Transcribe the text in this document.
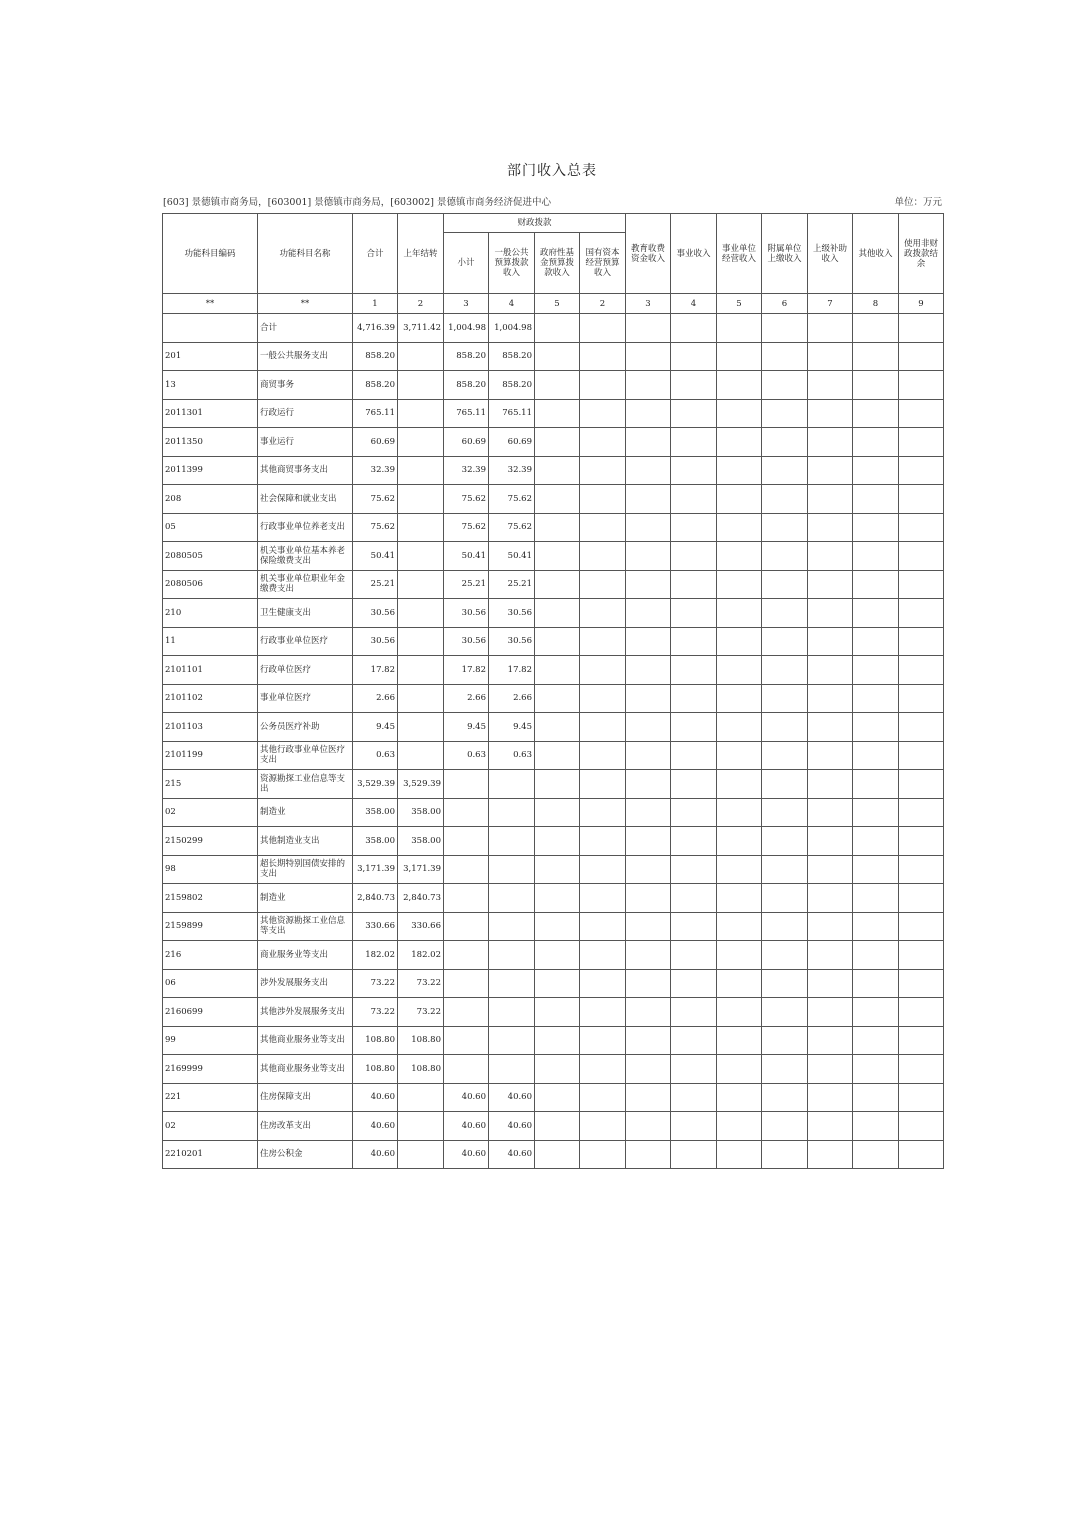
部门收入总表
[603] 景德镇市商务局，[603001] 景德镇市商务局，[603002] 景德镇市商务经济促进中心	单位：万元
功能科目编码	功能科目名称	合计	上年结转	财政拨款				教育收费资金收入	事业收入	事业单位经营收入	附属单位上缴收入	上级补助收入	其他收入	使用非财政拨款结余
				小计	一般公共预算拨款收入	政府性基金预算拨款收入	国有资本经营预算收入							
**	**	1	2	3	4	5	2	3	4	5	6	7	8	9
	合计	4,716.39	3,711.42	1,004.98	1,004.98									
201	一般公共服务支出	858.20		858.20	858.20									
13	商贸事务	858.20		858.20	858.20									
2011301	行政运行	765.11		765.11	765.11									
2011350	事业运行	60.69		60.69	60.69									
2011399	其他商贸事务支出	32.39		32.39	32.39									
208	社会保障和就业支出	75.62		75.62	75.62									
05	行政事业单位养老支出	75.62		75.62	75.62									
2080505	机关事业单位基本养老保险缴费支出	50.41		50.41	50.41									
2080506	机关事业单位职业年金缴费支出	25.21		25.21	25.21									
210	卫生健康支出	30.56		30.56	30.56									
11	行政事业单位医疗	30.56		30.56	30.56									
2101101	行政单位医疗	17.82		17.82	17.82									
2101102	事业单位医疗	2.66		2.66	2.66									
2101103	公务员医疗补助	9.45		9.45	9.45									
2101199	其他行政事业单位医疗支出	0.63		0.63	0.63									
215	资源勘探工业信息等支出	3,529.39	3,529.39											
02	制造业	358.00	358.00											
2150299	其他制造业支出	358.00	358.00											
98	超长期特别国债安排的支出	3,171.39	3,171.39											
2159802	制造业	2,840.73	2,840.73											
2159899	其他资源勘探工业信息等支出	330.66	330.66											
216	商业服务业等支出	182.02	182.02											
06	涉外发展服务支出	73.22	73.22											
2160699	其他涉外发展服务支出	73.22	73.22											
99	其他商业服务业等支出	108.80	108.80											
2169999	其他商业服务业等支出	108.80	108.80											
221	住房保障支出	40.60		40.60	40.60									
02	住房改革支出	40.60		40.60	40.60									
2210201	住房公积金	40.60		40.60	40.60									
